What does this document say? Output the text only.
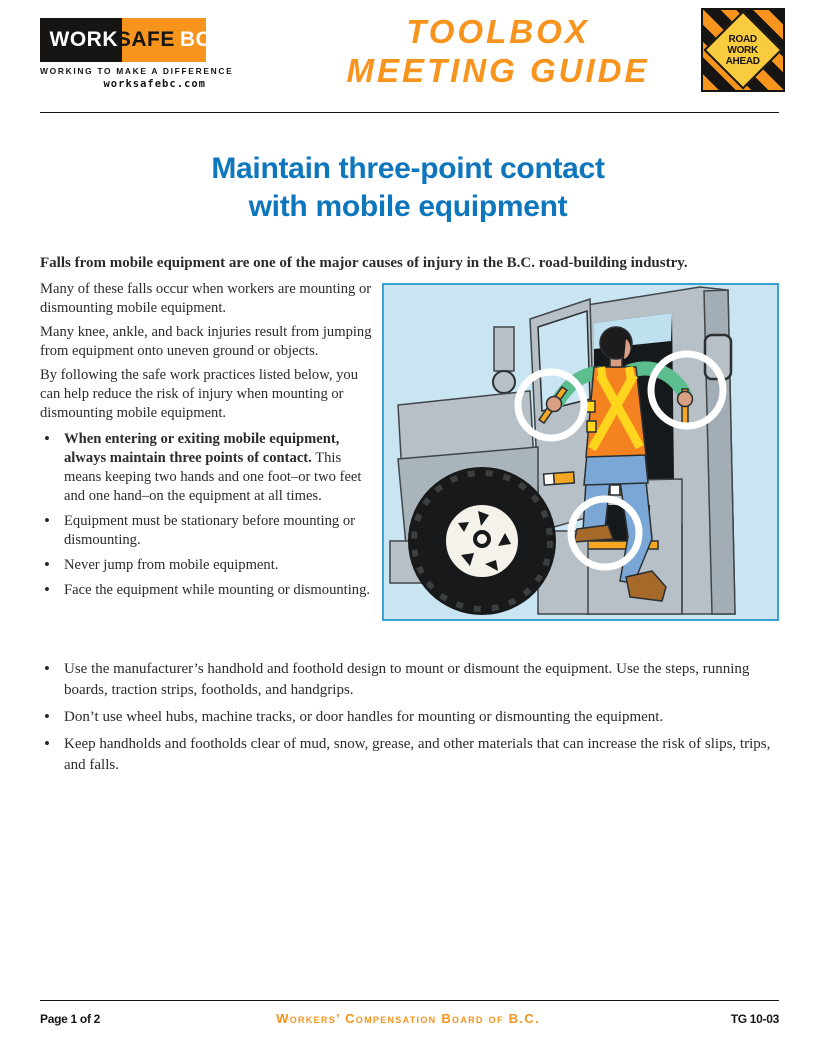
WORK
SAFE BC
WORKING TO MAKE A DIFFERENCE
worksafebc.com
TOOLBOX
MEETING GUIDE
ROAD
WORK
AHEAD
Maintain three-point contact
with mobile equipment

Falls from mobile equipment are one of the major causes of injury in the B.C. road-building industry.

Many of these falls occur when workers are mounting or dismounting mobile equipment.

Many knee, ankle, and back injuries result from jumping from equipment onto uneven ground or objects.

By following the safe work practices listed below, you can help reduce the risk of injury when mounting or dismounting mobile equipment.

• When entering or exiting mobile equipment, always maintain three points of contact. This means keeping two hands and one foot–or two feet and one hand–on the equipment at all times.
• Equipment must be stationary before mounting or dismounting.
• Never jump from mobile equipment.
• Face the equipment while mounting or dismounting.
• Use the manufacturer’s handhold and foothold design to mount or dismount the equipment. Use the steps, running boards, traction strips, footholds, and handgrips.
• Don’t use wheel hubs, machine tracks, or door handles for mounting or dismounting the equipment.
• Keep handholds and footholds clear of mud, snow, grease, and other materials that can increase the risk of slips, trips, and falls.
Page 1 of 2	Workers’ Compensation Board of B.C.	TG 10-03
